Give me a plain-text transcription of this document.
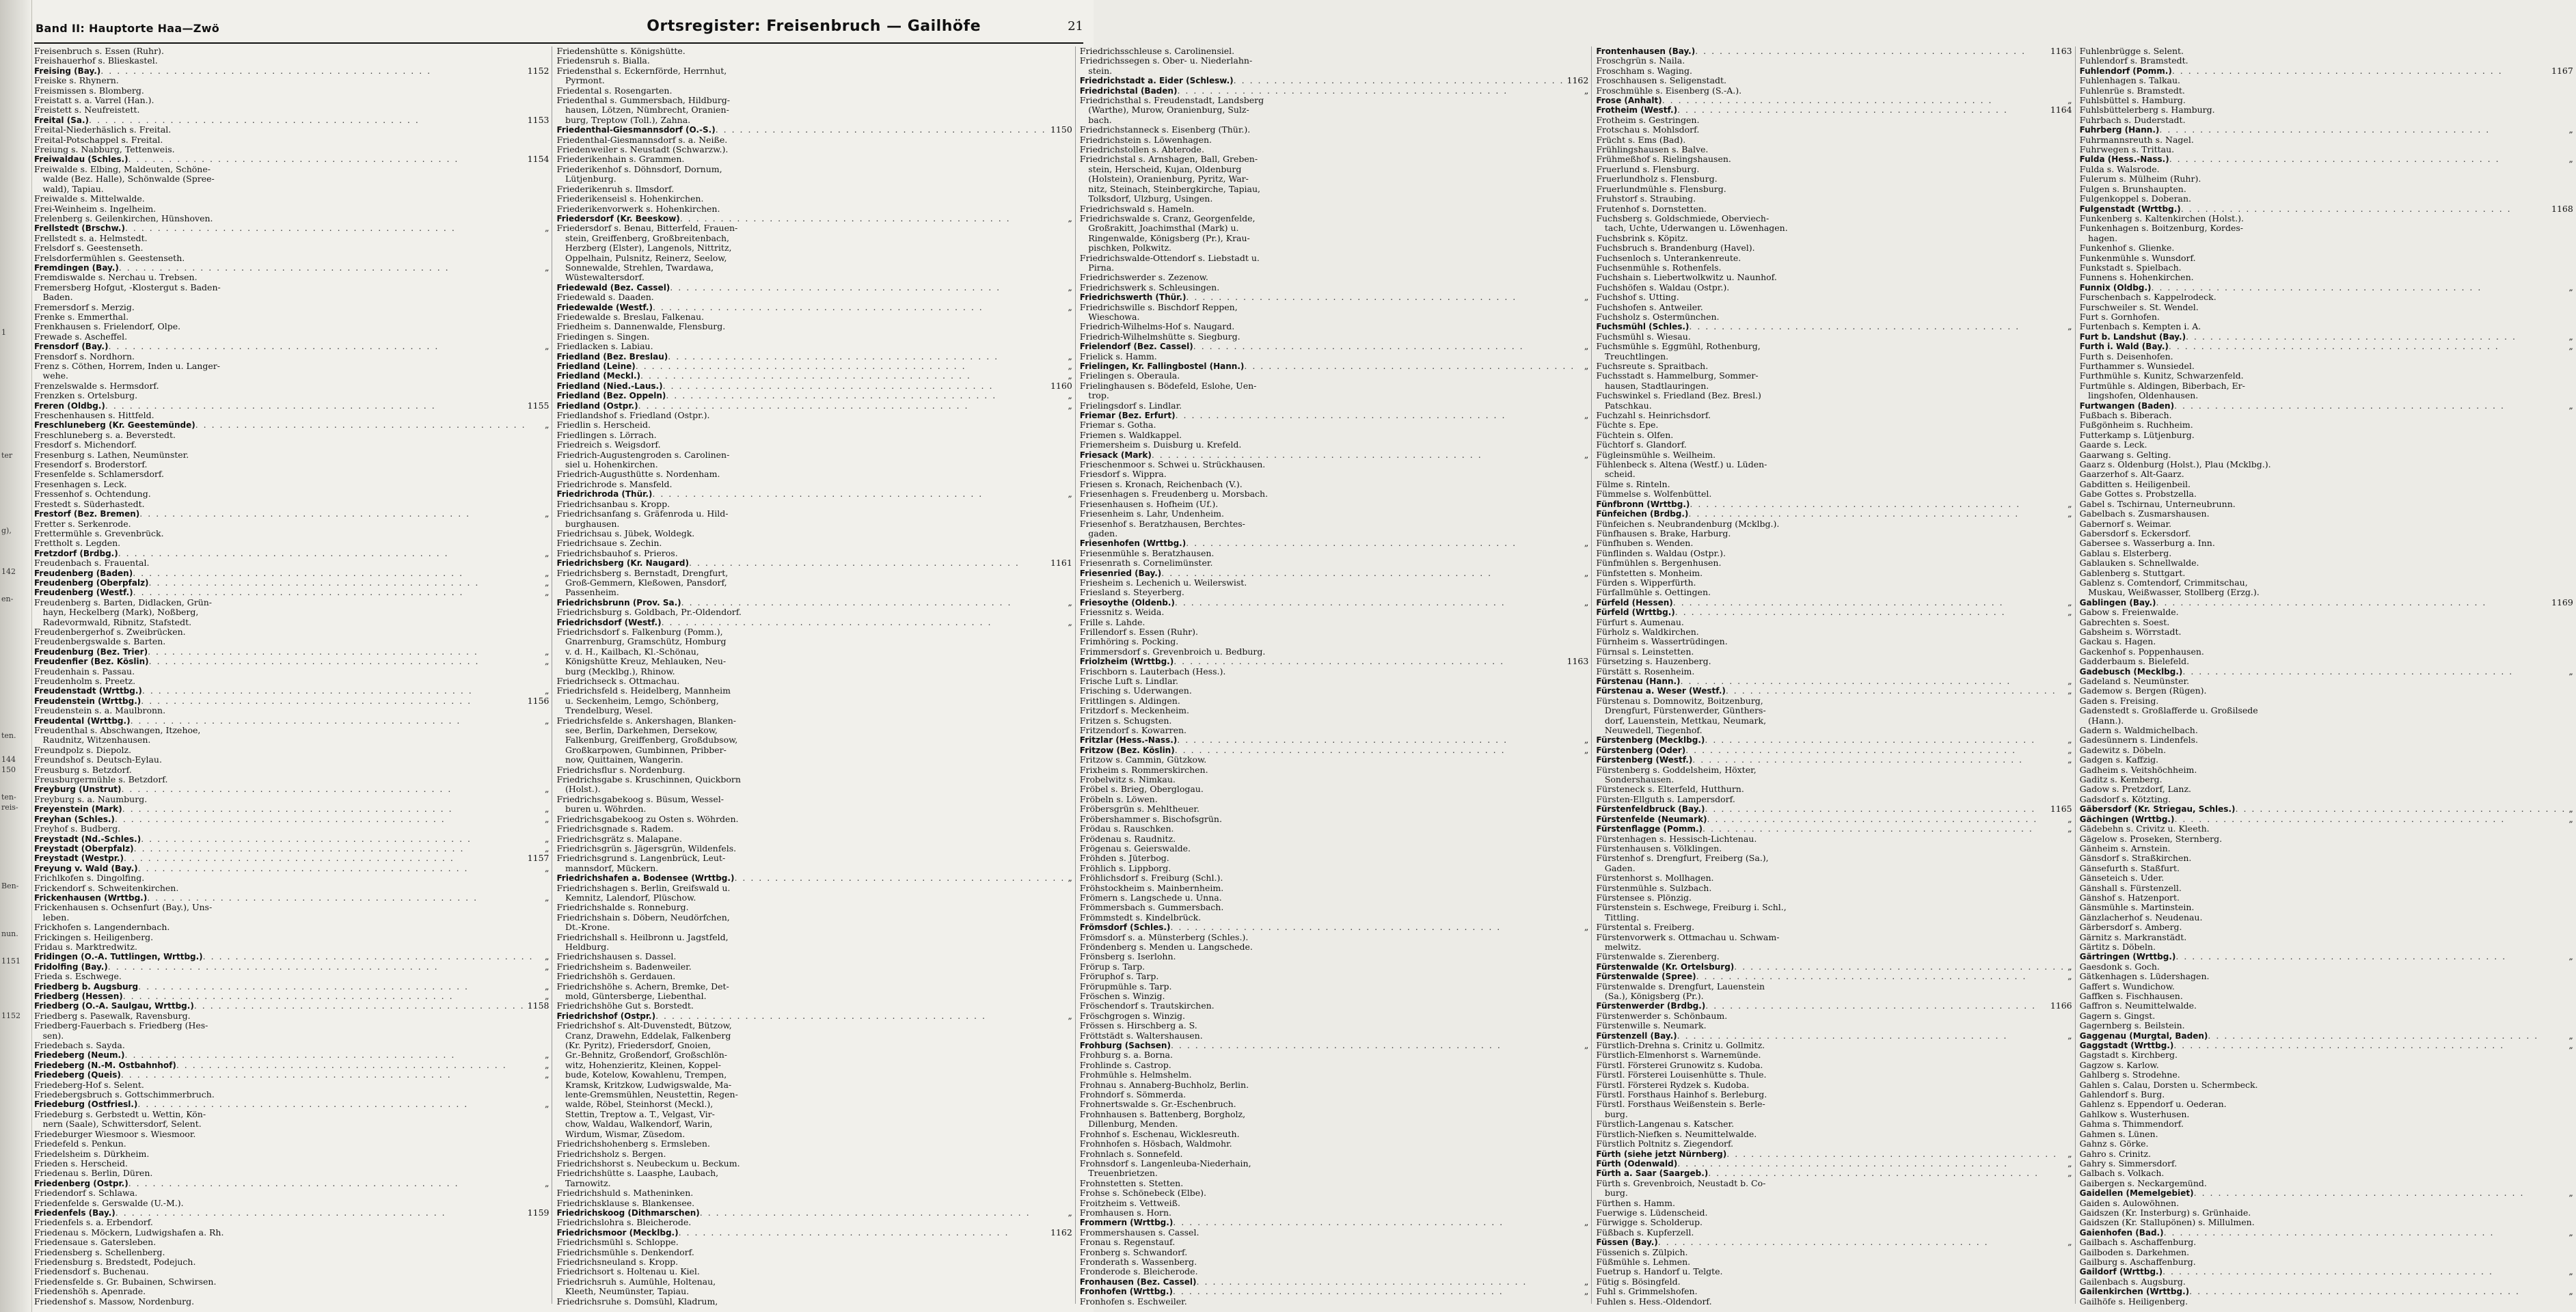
1
ter
g),
142
en-
ten.
144
150
ten-
reis-
Ben-
nun.
1151
1152
Band II: Hauptorte Haa—Zwö	Ortsregister: Freisenbruch — Gailhöfe	21
Freisenbruch s. Essen (Ruhr).
Freishauerhof s. Blieskastel.
Freising (Bay.) . . .	1152
Freiske s. Rhynern.
Freismissen s. Blomberg.
Freistatt s. a. Varrel (Han.).
Freistett s. Neufreistett.
Freital (Sa.) . . .	1153
Freital-Niederhäslich s. Freital.
Freital-Potschappel s. Freital.
Freiung s. Nabburg, Tettenweis.
Freiwaldau (Schles.) . . .	1154
Freiwalde s. Elbing, Maldeuten, Schöne-
 walde (Bez. Halle), Schönwalde (Spree-
 wald), Tapiau.
Freiwalde s. Mittelwalde.
Frei-Weinheim s. Ingelheim.
Frelenberg s. Geilenkirchen, Hünshoven.
Frellstedt (Brschw.) . . .	„
Frellstedt s. a. Helmstedt.
Frelsdorf s. Geestenseth.
Frelsdorfermühlen s. Geestenseth.
Fremdingen (Bay.) . . .	„
Fremdiswalde s. Nerchau u. Trebsen.
Fremersberg Hofgut, -Klostergut s. Baden-
 Baden.
Fremersdorf s. Merzig.
Frenke s. Emmerthal.
Frenkhausen s. Frielendorf, Olpe.
Frewade s. Ascheffel.
Frensdorf (Bay.) . . .	„
Frensdorf s. Nordhorn.
Frenz s. Cöthen, Horrem, Inden u. Langer-
 wehe.
Frenzelswalde s. Hermsdorf.
Frenzken s. Ortelsburg.
Freren (Oldbg.) . . .	1155
Freschenhausen s. Hittfeld.
Freschluneberg (Kr. Geestemünde) . . .	„
Freschluneberg s. a. Beverstedt.
Fresdorf s. Michendorf.
Fresenburg s. Lathen, Neumünster.
Fresendorf s. Broderstorf.
Fresenfelde s. Schlamersdorf.
Fresenhagen s. Leck.
Fressenhof s. Ochtendung.
Frestedt s. Süderhastedt.
Frestorf (Bez. Bremen) . . .	„
Fretter s. Serkenrode.
Frettermühle s. Grevenbrück.
Frettholt s. Legden.
Fretzdorf (Brdbg.) . . .	„
Freudenbach s. Frauental.
Freudenberg (Baden) . . .	„
Freudenberg (Oberpfalz) . . .	„
Freudenberg (Westf.) . . .	„
Freudenberg s. Barten, Didlacken, Grün-
 hayn, Heckelberg (Mark), Noßberg,
 Radevormwald, Ribnitz, Stafstedt.
Freudenbergerhof s. Zweibrücken.
Freudenbergswalde s. Barten.
Freudenburg (Bez. Trier) . . .	„
Freudenfier (Bez. Köslin) . . .	„
Freudenhain s. Passau.
Freudenholm s. Preetz.
Freudenstadt (Wrttbg.) . . .	„
Freudenstein (Wrttbg.) . . .	1156
Freudenstein s. a. Maulbronn.
Freudental (Wrttbg.) . . .	„
Freudenthal s. Abschwangen, Itzehoe,
 Raudnitz, Witzenhausen.
Freundpolz s. Diepolz.
Freundshof s. Deutsch-Eylau.
Freusburg s. Betzdorf.
Freusburgermühle s. Betzdorf.
Freyburg (Unstrut) . . .	„
Freyburg s. a. Naumburg.
Freyenstein (Mark) . . .	„
Freyhan (Schles.) . . .	„
Freyhof s. Budberg.
Freystadt (Nd.-Schles.) . . .	„
Freystadt (Oberpfalz) . . .	„
Freystadt (Westpr.) . . .	1157
Freyung v. Wald (Bay.) . . .	„
Frichlkofen s. Dingolfing.
Frickendorf s. Schweitenkirchen.
Frickenhausen (Wrttbg.) . . .	„
Frickenhausen s. Ochsenfurt (Bay.), Uns-
 leben.
Frickhofen s. Langendernbach.
Frickingen s. Heiligenberg.
Fridau s. Marktredwitz.
Fridingen (O.-A. Tuttlingen, Wrttbg.) . . .	„
Fridolfing (Bay.) . . .	„
Frieda s. Eschwege.
Friedberg b. Augsburg . . .	„
Friedberg (Hessen) . . .	„
Friedberg (O.-A. Saulgau, Wrttbg.) . . .	1158
Friedberg s. Pasewalk, Ravensburg.
Friedberg-Fauerbach s. Friedberg (Hes-
 sen).
Friedebach s. Sayda.
Friedeberg (Neum.) . . .	„
Friedeberg (N.-M. Ostbahnhof) . . .	„
Friedeberg (Queis) . . .	„
Friedeberg-Hof s. Selent.
Friedebergsbruch s. Gottschimmerbruch.
Friedeburg (Ostfriesl.) . . .	„
Friedeburg s. Gerbstedt u. Wettin, Kön-
 nern (Saale), Schwittersdorf, Selent.
Friedeburger Wiesmoor s. Wiesmoor.
Friedefeld s. Penkun.
Friedelsheim s. Dürkheim.
Frieden s. Herscheid.
Friedenau s. Berlin, Düren.
Friedenberg (Ostpr.) . . .	„
Friedendorf s. Schlawa.
Friedenfelde s. Gerswalde (U.-M.).
Friedenfels (Bay.) . . .	1159
Friedenfels s. a. Erbendorf.
Friedenau s. Möckern, Ludwigshafen a. Rh.
Friedensaue s. Gatersleben.
Friedensberg s. Schellenberg.
Friedensburg s. Bredstedt, Podejuch.
Friedensdorf s. Buchenau.
Friedensfelde s. Gr. Bubainen, Schwirsen.
Friedenshöh s. Apenrade.
Friedenshof s. Massow, Nordenburg.
Friedenshütte s. Königshütte.
Friedensruh s. Bialla.
Friedensthal s. Eckernförde, Herrnhut,
 Pyrmont.
Friedental s. Rosengarten.
Friedenthal s. Gummersbach, Hildburg-
 hausen, Lötzen, Nümbrecht, Oranien-
 burg, Treptow (Toll.), Zahna.
Friedenthal-Giesmannsdorf (O.-S.) . . .	1150
Friedenthal-Giesmannsdorf s. a. Neiße.
Friedenweiler s. Neustadt (Schwarzw.).
Friederikenhain s. Grammen.
Friederikenhof s. Döhnsdorf, Dornum,
 Lütjenburg.
Friederikenruh s. Ilmsdorf.
Friederikenseisl s. Hohenkirchen.
Friederikenvorwerk s. Hohenkirchen.
Friedersdorf (Kr. Beeskow) . . .	„
Friedersdorf s. Benau, Bitterfeld, Frauen-
 stein, Greiffenberg, Großbreitenbach,
 Herzberg (Elster), Langenols, Nittritz,
 Oppelhain, Pulsnitz, Reinerz, Seelow,
 Sonnewalde, Strehlen, Twardawa,
 Wüstewaltersdorf.
Friedewald (Bez. Cassel) . . .	„
Friedewald s. Daaden.
Friedewalde (Westf.) . . .	„
Friedewalde s. Breslau, Falkenau.
Friedheim s. Dannenwalde, Flensburg.
Friedingen s. Singen.
Friedlacken s. Labiau.
Friedland (Bez. Breslau) . . .	„
Friedland (Leine) . . .	„
Friedland (Meckl.) . . .	„
Friedland (Nied.-Laus.) . . .	1160
Friedland (Bez. Oppeln) . . .	„
Friedland (Ostpr.) . . .	„
Friedlandshof s. Friedland (Ostpr.).
Friedlin s. Herscheid.
Friedlingen s. Lörrach.
Friedreich s. Weigsdorf.
Friedrich-Augustengroden s. Carolinen-
 siel u. Hohenkirchen.
Friedrich-Augusthütte s. Nordenham.
Friedrichrode s. Mansfeld.
Friedrichroda (Thür.) . . .	„
Friedrichsanbau s. Kropp.
Friedrichsanfang s. Gräfenroda u. Hild-
 burghausen.
Friedrichsau s. Jübek, Woldegk.
Friedrichsaue s. Zechin.
Friedrichsbauhof s. Prieros.
Friedrichsberg (Kr. Naugard) . . .	1161
Friedrichsberg s. Bernstadt, Drengfurt,
 Groß-Gemmern, Kleßowen, Pansdorf,
 Passenheim.
Friedrichsbrunn (Prov. Sa.) . . .	„
Friedrichsburg s. Goldbach, Pr.-Oldendorf.
Friedrichsdorf (Westf.) . . .	„
Friedrichsdorf s. Falkenburg (Pomm.),
 Gnarrenburg, Gramschütz, Homburg
 v. d. H., Kailbach, Kl.-Schönau,
 Königshütte Kreuz, Mehlauken, Neu-
 burg (Mecklbg.), Rhinow.
Friedrichseck s. Ottmachau.
Friedrichsfeld s. Heidelberg, Mannheim
 u. Seckenheim, Lemgo, Schönberg,
 Trendelburg, Wesel.
Friedrichsfelde s. Ankershagen, Blanken-
 see, Berlin, Darkehmen, Dersekow,
 Falkenburg, Greiffenberg, Großdubsow,
 Großkarpowen, Gumbinnen, Pribber-
 now, Quittainen, Wangerin.
Friedrichsflur s. Nordenburg.
Friedrichsgabe s. Kruschinnen, Quickborn
 (Holst.).
Friedrichsgabekoog s. Büsum, Wessel-
 buren u. Wöhrden.
Friedrichsgabekoog zu Osten s. Wöhrden.
Friedrichsgnade s. Radem.
Friedrichsgrätz s. Malapane.
Friedrichsgrün s. Jägersgrün, Wildenfels.
Friedrichsgrund s. Langenbrück, Leut-
 mannsdorf, Mückern.
Friedrichshafen a. Bodensee (Wrttbg.) . . .	„
Friedrichshagen s. Berlin, Greifswald u.
 Kemnitz, Lalendorf, Plüschow.
Friedrichshalde s. Ronneburg.
Friedrichshain s. Döbern, Neudörfchen,
 Dt.-Krone.
Friedrichshall s. Heilbronn u. Jagstfeld,
 Heldburg.
Friedrichshausen s. Dassel.
Friedrichsheim s. Badenweiler.
Friedrichshöh s. Gerdauen.
Friedrichshöhe s. Achern, Bremke, Det-
 mold, Güntersberge, Liebenthal.
Friedrichshöhe Gut s. Borstedt.
Friedrichshof (Ostpr.) . . .	„
Friedrichshof s. Alt-Duvenstedt, Bützow,
 Cranz, Drawehn, Eddelak, Falkenberg
 (Kr. Pyritz), Friedersdorf, Gnoien,
 Gr.-Behnitz, Großendorf, Großschlön-
 witz, Hohenzieritz, Kleinen, Koppel-
 bude, Kotelow, Kowahlenu, Trempen,
 Kramsk, Kritzkow, Ludwigswalde, Ma-
 lente-Gremsmühlen, Neustettin, Regen-
 walde, Röbel, Steinhorst (Meckl.),
 Stettin, Treptow a. T., Velgast, Vir-
 chow, Waldau, Walkendorf, Warin,
 Wirdum, Wismar, Züsedom.
Friedrichshohenberg s. Ermsleben.
Friedrichsholz s. Bergen.
Friedrichshorst s. Neubeckum u. Beckum.
Friedrichshütte s. Laasphe, Laubach,
 Tarnowitz.
Friedrichshuld s. Matheninken.
Friedrichsklause s. Blankensee.
Friedrichskoog (Dithmarschen) . . .	„
Friedrichslohra s. Bleicherode.
Friedrichsmoor (Mecklbg.) . . .	1162
Friedrichsmühl s. Schloppe.
Friedrichsmühle s. Denkendorf.
Friedrichsneuland s. Kropp.
Friedrichsort s. Holtenau u. Kiel.
Friedrichsruh s. Aumühle, Holtenau,
 Kleeth, Neumünster, Tapiau.
Friedrichsruhe s. Domsühl, Kladrum,
Friedrichsschleuse s. Carolinensiel.
Friedrichssegen s. Ober- u. Niederlahn-
 stein.
Friedrichstadt a. Eider (Schlesw.) . . .	1162
Friedrichstal (Baden) . . .	„
Friedrichsthal s. Freudenstadt, Landsberg
 (Warthe), Murow, Oranienburg, Sulz-
 bach.
Friedrichstanneck s. Eisenberg (Thür.).
Friedrichstein s. Löwenhagen.
Friedrichstollen s. Abterode.
Friedrichstal s. Arnshagen, Ball, Greben-
 stein, Herscheid, Kujan, Oldenburg
 (Holstein), Oranienburg, Pyritz, War-
 nitz, Steinach, Steinbergkirche, Tapiau,
 Tolksdorf, Ulzburg, Usingen.
Friedrichswald s. Hameln.
Friedrichswalde s. Cranz, Georgenfelde,
 Großrakitt, Joachimsthal (Mark) u.
 Ringenwalde, Königsberg (Pr.), Krau-
 pischken, Polkwitz.
Friedrichswalde-Ottendorf s. Liebstadt u.
 Pirna.
Friedrichswerder s. Zezenow.
Friedrichswerk s. Schleusingen.
Friedrichswerth (Thür.) . . .	„
Friedrichswille s. Bischdorf Reppen,
 Wieschowa.
Friedrich-Wilhelms-Hof s. Naugard.
Friedrich-Wilhelmshütte s. Siegburg.
Frielendorf (Bez. Cassel) . . .	„
Frielick s. Hamm.
Frielingen, Kr. Fallingbostel (Hann.) . . .	„
Frielingen s. Oberaula.
Frielinghausen s. Bödefeld, Eslohe, Uen-
 trop.
Frielingsdorf s. Lindlar.
Friemar (Bez. Erfurt) . . .	„
Friemar s. Gotha.
Friemen s. Waldkappel.
Friemersheim s. Duisburg u. Krefeld.
Friesack (Mark) . . .	„
Frieschenmoor s. Schwei u. Strückhausen.
Friesdorf s. Wippra.
Friesen s. Kronach, Reichenbach (V.).
Friesenhagen s. Freudenberg u. Morsbach.
Friesenhausen s. Hofheim (Uf.).
Friesenheim s. Lahr, Undenheim.
Friesenhof s. Beratzhausen, Berchtes-
 gaden.
Friesenhofen (Wrttbg.) . . .	„
Friesenmühle s. Beratzhausen.
Friesenrath s. Cornelimünster.
Friesenried (Bay.) . . .	„
Friesheim s. Lechenich u. Weilerswist.
Friesland s. Steyerberg.
Friesoythe (Oldenb.) . . .	„
Friessnitz s. Weida.
Frille s. Lahde.
Frillendorf s. Essen (Ruhr).
Frimhöring s. Pocking.
Frimmersdorf s. Grevenbroich u. Bedburg.
Friolzheim (Wrttbg.) . . .	1163
Frischborn s. Lauterbach (Hess.).
Frische Luft s. Lindlar.
Frisching s. Uderwangen.
Frittlingen s. Aldingen.
Fritzdorf s. Meckenheim.
Fritzen s. Schugsten.
Fritzendorf s. Kowarren.
Fritzlar (Hess.-Nass.) . . .	„
Fritzow (Bez. Köslin) . . .	„
Fritzow s. Cammin, Gützkow.
Frixheim s. Rommerskirchen.
Frobelwitz s. Nimkau.
Fröbel s. Brieg, Oberglogau.
Fröbeln s. Löwen.
Fröbersgrün s. Mehltheuer.
Fröbershammer s. Bischofsgrün.
Frödau s. Rauschken.
Frödenau s. Raudnitz.
Frögenau s. Geierswalde.
Fröhden s. Jüterbog.
Fröhlich s. Lippborg.
Fröhlichsdorf s. Freiburg (Schl.).
Fröhstockheim s. Mainbernheim.
Frömern s. Langschede u. Unna.
Frömmersbach s. Gummersbach.
Frömmstedt s. Kindelbrück.
Frömsdorf (Schles.) . . .	„
Frömsdorf s. a. Münsterberg (Schles.).
Fröndenberg s. Menden u. Langschede.
Frönsberg s. Iserlohn.
Frörup s. Tarp.
Fröruphof s. Tarp.
Frörupmühle s. Tarp.
Fröschen s. Winzig.
Fröschendorf s. Trautskirchen.
Fröschgrogen s. Winzig.
Frössen s. Hirschberg a. S.
Fröttstädt s. Waltershausen.
Frohburg (Sachsen) . . .	„
Frohburg s. a. Borna.
Frohlinde s. Castrop.
Frohmühle s. Helmshelm.
Frohnau s. Annaberg-Buchholz, Berlin.
Frohndorf s. Sömmerda.
Frohnertswalde s. Gr.-Eschenbruch.
Frohnhausen s. Battenberg, Borgholz,
 Dillenburg, Menden.
Frohnhof s. Eschenau, Wicklesreuth.
Frohnhofen s. Hösbach, Waldmohr.
Frohnlach s. Sonnefeld.
Frohnsdorf s. Langenleuba-Niederhain,
 Treuenbrietzen.
Frohnstetten s. Stetten.
Frohse s. Schönebeck (Elbe).
Froitzheim s. Vettweiß.
Fromhausen s. Horn.
Frommern (Wrttbg.) . . .	„
Frommershausen s. Cassel.
Fronau s. Regenstauf.
Fronberg s. Schwandorf.
Fronderath s. Wassenberg.
Fronderode s. Bleicherode.
Fronhausen (Bez. Cassel) . . .	„
Fronhofen (Wrttbg.) . . .	„
Fronhofen s. Eschweiler.
Frontenhausen (Bay.) . . .	1163
Froschgrün s. Naila.
Froschham s. Waging.
Froschhausen s. Seligenstadt.
Froschmühle s. Eisenberg (S.-A.).
Frose (Anhalt) . . .	„
Frotheim (Westf.) . . .	1164
Frotheim s. Gestringen.
Frotschau s. Mohlsdorf.
Frücht s. Ems (Bad).
Frühlingshausen s. Balve.
Frühmeßhof s. Rielingshausen.
Fruerlund s. Flensburg.
Fruerlundholz s. Flensburg.
Fruerlundmühle s. Flensburg.
Fruhstorf s. Straubing.
Frutenhof s. Dornstetten.
Fuchsberg s. Goldschmiede, Oberviech-
 tach, Uchte, Uderwangen u. Löwenhagen.
Fuchsbrink s. Köpitz.
Fuchsbruch s. Brandenburg (Havel).
Fuchsenloch s. Unterankenreute.
Fuchsenmühle s. Rothenfels.
Fuchshain s. Liebertwolkwitz u. Naunhof.
Fuchshöfen s. Waldau (Ostpr.).
Fuchshof s. Utting.
Fuchshofen s. Antweiler.
Fuchsholz s. Ostermünchen.
Fuchsmühl (Schles.) . . .	„
Fuchsmühl s. Wiesau.
Fuchsmühle s. Eggmühl, Rothenburg,
 Treuchtlingen.
Fuchsreute s. Spraitbach.
Fuchsstadt s. Hammelburg, Sommer-
 hausen, Stadtlauringen.
Fuchswinkel s. Friedland (Bez. Bresl.)
 Patschkau.
Fuchzahl s. Heinrichsdorf.
Füchte s. Epe.
Füchtein s. Olfen.
Füchtorf s. Glandorf.
Fügleinsmühle s. Weilheim.
Fühlenbeck s. Altena (Westf.) u. Lüden-
 scheid.
Fülme s. Rinteln.
Fümmelse s. Wolfenbüttel.
Fünfbronn (Wrttbg.) . . .	„
Fünfeichen (Brdbg.) . . .	„
Fünfeichen s. Neubrandenburg (Mcklbg.).
Fünfhausen s. Brake, Harburg.
Fünfhuben s. Wenden.
Fünflinden s. Waldau (Ostpr.).
Fünfmühlen s. Bergenhusen.
Fünfstetten s. Monheim.
Fürden s. Wipperfürth.
Fürfallmühle s. Oettingen.
Fürfeld (Hessen) . . .	„
Fürfeld (Wrttbg.) . . .	„
Fürfurt s. Aumenau.
Fürholz s. Waldkirchen.
Fürnheim s. Wassertrüdingen.
Fürnsal s. Leinstetten.
Fürsetzing s. Hauzenberg.
Fürstätt s. Rosenheim.
Fürstenau (Hann.) . . .	„
Fürstenau a. Weser (Westf.) . . .	„
Fürstenau s. Domnowitz, Boitzenburg,
 Drengfurt, Fürstenwerder, Günthers-
 dorf, Lauenstein, Mettkau, Neumark,
 Neuwedell, Tiegenhof.
Fürstenberg (Mecklbg.) . . .	„
Fürstenberg (Oder) . . .	„
Fürstenberg (Westf.) . . .	„
Fürstenberg s. Goddelsheim, Höxter,
 Sondershausen.
Fürsteneck s. Elterfeld, Hutthurn.
Fürsten-Ellguth s. Lampersdorf.
Fürstenfeldbruck (Bay.) . . .	1165
Fürstenfelde (Neumark) . . .	„
Fürstenflagge (Pomm.) . . .	„
Fürstenhagen s. Hessisch-Lichtenau.
Fürstenhausen s. Völklingen.
Fürstenhof s. Drengfurt, Freiberg (Sa.),
 Gaden.
Fürstenhorst s. Mollhagen.
Fürstenmühle s. Sulzbach.
Fürstensee s. Plönzig.
Fürstenstein s. Eschwege, Freiburg i. Schl.,
 Tittling.
Fürstental s. Freiberg.
Fürstenvorwerk s. Ottmachau u. Schwam-
 melwitz.
Fürstenwalde s. Zierenberg.
Fürstenwalde (Kr. Ortelsburg) . . .	„
Fürstenwalde (Spree) . . .	„
Fürstenwalde s. Drengfurt, Lauenstein
 (Sa.), Königsberg (Pr.).
Fürstenwerder (Brdbg.) . . .	1166
Fürstenwerder s. Schönbaum.
Fürstenwille s. Neumark.
Fürstenzell (Bay.) . . .	„
Fürstlich-Drehna s. Crinitz u. Gollmitz.
Fürstlich-Elmenhorst s. Warnemünde.
Fürstl. Försterei Grunowitz s. Kudoba.
Fürstl. Försterei Louisenhütte s. Thule.
Fürstl. Försterei Rydzek s. Kudoba.
Fürstl. Forsthaus Hainhof s. Berleburg.
Fürstl. Forsthaus Weißenstein s. Berle-
 burg.
Fürstlich-Langenau s. Katscher.
Fürstlich-Niefken s. Neumittelwalde.
Fürstlich Poltnitz s. Ziegendorf.
Fürth (siehe jetzt Nürnberg) . . .	„
Fürth (Odenwald) . . .	„
Fürth a. Saar (Saargeb.) . . .	„
Fürth s. Grevenbroich, Neustadt b. Co-
 burg.
Fürthen s. Hamm.
Fuerwige s. Lüdenscheid.
Fürwigge s. Scholderup.
Füßbach s. Kupferzell.
Füssen (Bay.) . . .	„
Füssenich s. Zülpich.
Füßmühle s. Lehmen.
Fuetrup s. Handorf u. Telgte.
Fütig s. Bösingfeld.
Fuhl s. Grimmelshofen.
Fuhlen s. Hess.-Oldendorf.
Fuhlenbrügge s. Selent.
Fuhlendorf s. Bramstedt.
Fuhlendorf (Pomm.) . . .	1167
Fuhlenhagen s. Talkau.
Fuhlenrüe s. Bramstedt.
Fuhlsbüttel s. Hamburg.
Fuhlsbüttelerberg s. Hamburg.
Fuhrbach s. Duderstadt.
Fuhrberg (Hann.) . . .	„
Fuhrmannsreuth s. Nagel.
Fuhrwegen s. Trittau.
Fulda (Hess.-Nass.) . . .	„
Fulda s. Walsrode.
Fulerum s. Mülheim (Ruhr).
Fulgen s. Brunshaupten.
Fulgenkoppel s. Doberan.
Fulgenstadt (Wrttbg.) . . .	1168
Funkenberg s. Kaltenkirchen (Holst.).
Funkenhagen s. Boitzenburg, Kordes-
 hagen.
Funkenhof s. Glienke.
Funkenmühle s. Wunsdorf.
Funkstadt s. Spielbach.
Funnens s. Hohenkirchen.
Funnix (Oldbg.) . . .	„
Furschenbach s. Kappelrodeck.
Furschweiler s. St. Wendel.
Furt s. Gornhofen.
Furtenbach s. Kempten i. A.
Furt b. Landshut (Bay.) . . .	„
Furth i. Wald (Bay.) . . .	„
Furth s. Deisenhofen.
Furthammer s. Wunsiedel.
Furthmühle s. Kunitz, Schwarzenfeld.
Furtmühle s. Aldingen, Biberbach, Er-
 lingshofen, Oldenhausen.
Furtwangen (Baden) . . .	„
Fußbach s. Biberach.
Fußgönheim s. Ruchheim.
Futterkamp s. Lütjenburg.
Gaarde s. Leck.
Gaarwang s. Gelting.
Gaarz s. Oldenburg (Holst.), Plau (Mcklbg.).
Gaarzerhof s. Alt-Gaarz.
Gabditten s. Heiligenbeil.
Gabe Gottes s. Probstzella.
Gabel s. Tschirnau, Unterneubrunn.
Gabelbach s. Zusmarshausen.
Gabernorf s. Weimar.
Gabersdorf s. Eckersdorf.
Gabersee s. Wasserburg a. Inn.
Gablau s. Elsterberg.
Gablauken s. Schnellwalde.
Gablenberg s. Stuttgart.
Gablenz s. Comtendorf, Crimmitschau,
 Muskau, Weißwasser, Stollberg (Erzg.).
Gablingen (Bay.) . . .	1169
Gabow s. Freienwalde.
Gabrechten s. Soest.
Gabsheim s. Wörrstadt.
Gackau s. Hagen.
Gackenhof s. Poppenhausen.
Gadderbaum s. Bielefeld.
Gadebusch (Mecklbg.) . . .	„
Gadeland s. Neumünster.
Gademow s. Bergen (Rügen).
Gaden s. Freising.
Gadenstedt s. Großlafferde u. Großilsede
 (Hann.).
Gadern s. Waldmichelbach.
Gadesünnern s. Lindenfels.
Gadewitz s. Döbeln.
Gadgen s. Kaffzig.
Gadheim s. Veitshöchheim.
Gaditz s. Kemberg.
Gadow s. Pretzdorf, Lanz.
Gadsdorf s. Kötzting.
Gäbersdorf (Kr. Striegau, Schles.) . . .	„
Gächingen (Wrttbg.) . . .	„
Gädebehn s. Crivitz u. Kleeth.
Gägelow s. Proseken, Sternberg.
Gänheim s. Arnstein.
Gänsdorf s. Straßkirchen.
Gänsefurth s. Staßfurt.
Gänseteich s. Uder.
Gänshall s. Fürstenzell.
Gänshof s. Hatzenport.
Gänsmühle s. Martinstein.
Gänzlacherhof s. Neudenau.
Gärbersdorf s. Amberg.
Gärnitz s. Markranstädt.
Gärtitz s. Döbeln.
Gärtringen (Wrttbg.) . . .	„
Gaesdonk s. Goch.
Gätkenhagen s. Lüdershagen.
Gaffert s. Wundichow.
Gaffken s. Fischhausen.
Gaffron s. Neumittelwalde.
Gagern s. Gingst.
Gagernberg s. Beilstein.
Gaggenau (Murgtal, Baden) . . .	„
Gaggstadt (Wrttbg.) . . .	„
Gagstadt s. Kirchberg.
Gagzow s. Karlow.
Gahlberg s. Strodehne.
Gahlen s. Calau, Dorsten u. Schermbeck.
Gahlendorf s. Burg.
Gahlenz s. Eppendorf u. Oederan.
Gahlkow s. Wusterhusen.
Gahma s. Thimmendorf.
Gahmen s. Lünen.
Gahnz s. Görke.
Gahro s. Crinitz.
Gahry s. Simmersdorf.
Galbach s. Volkach.
Gaibergen s. Neckargemünd.
Gaidellen (Memelgebiet) . . .	„
Gaiden s. Aulowöhnen.
Gaidszen (Kr. Insterburg) s. Grünhaide.
Gaidszen (Kr. Stallupönen) s. Millulmen.
Gaienhofen (Bad.) . . .	„
Gailbach s. Aschaffenburg.
Gailboden s. Darkehmen.
Gailburg s. Aschaffenburg.
Gaildorf (Wrttbg.) . . .	„
Gailenbach s. Augsburg.
Gailenkirchen (Wrttbg.) . . .	„
Gailhöfe s. Heiligenberg.
